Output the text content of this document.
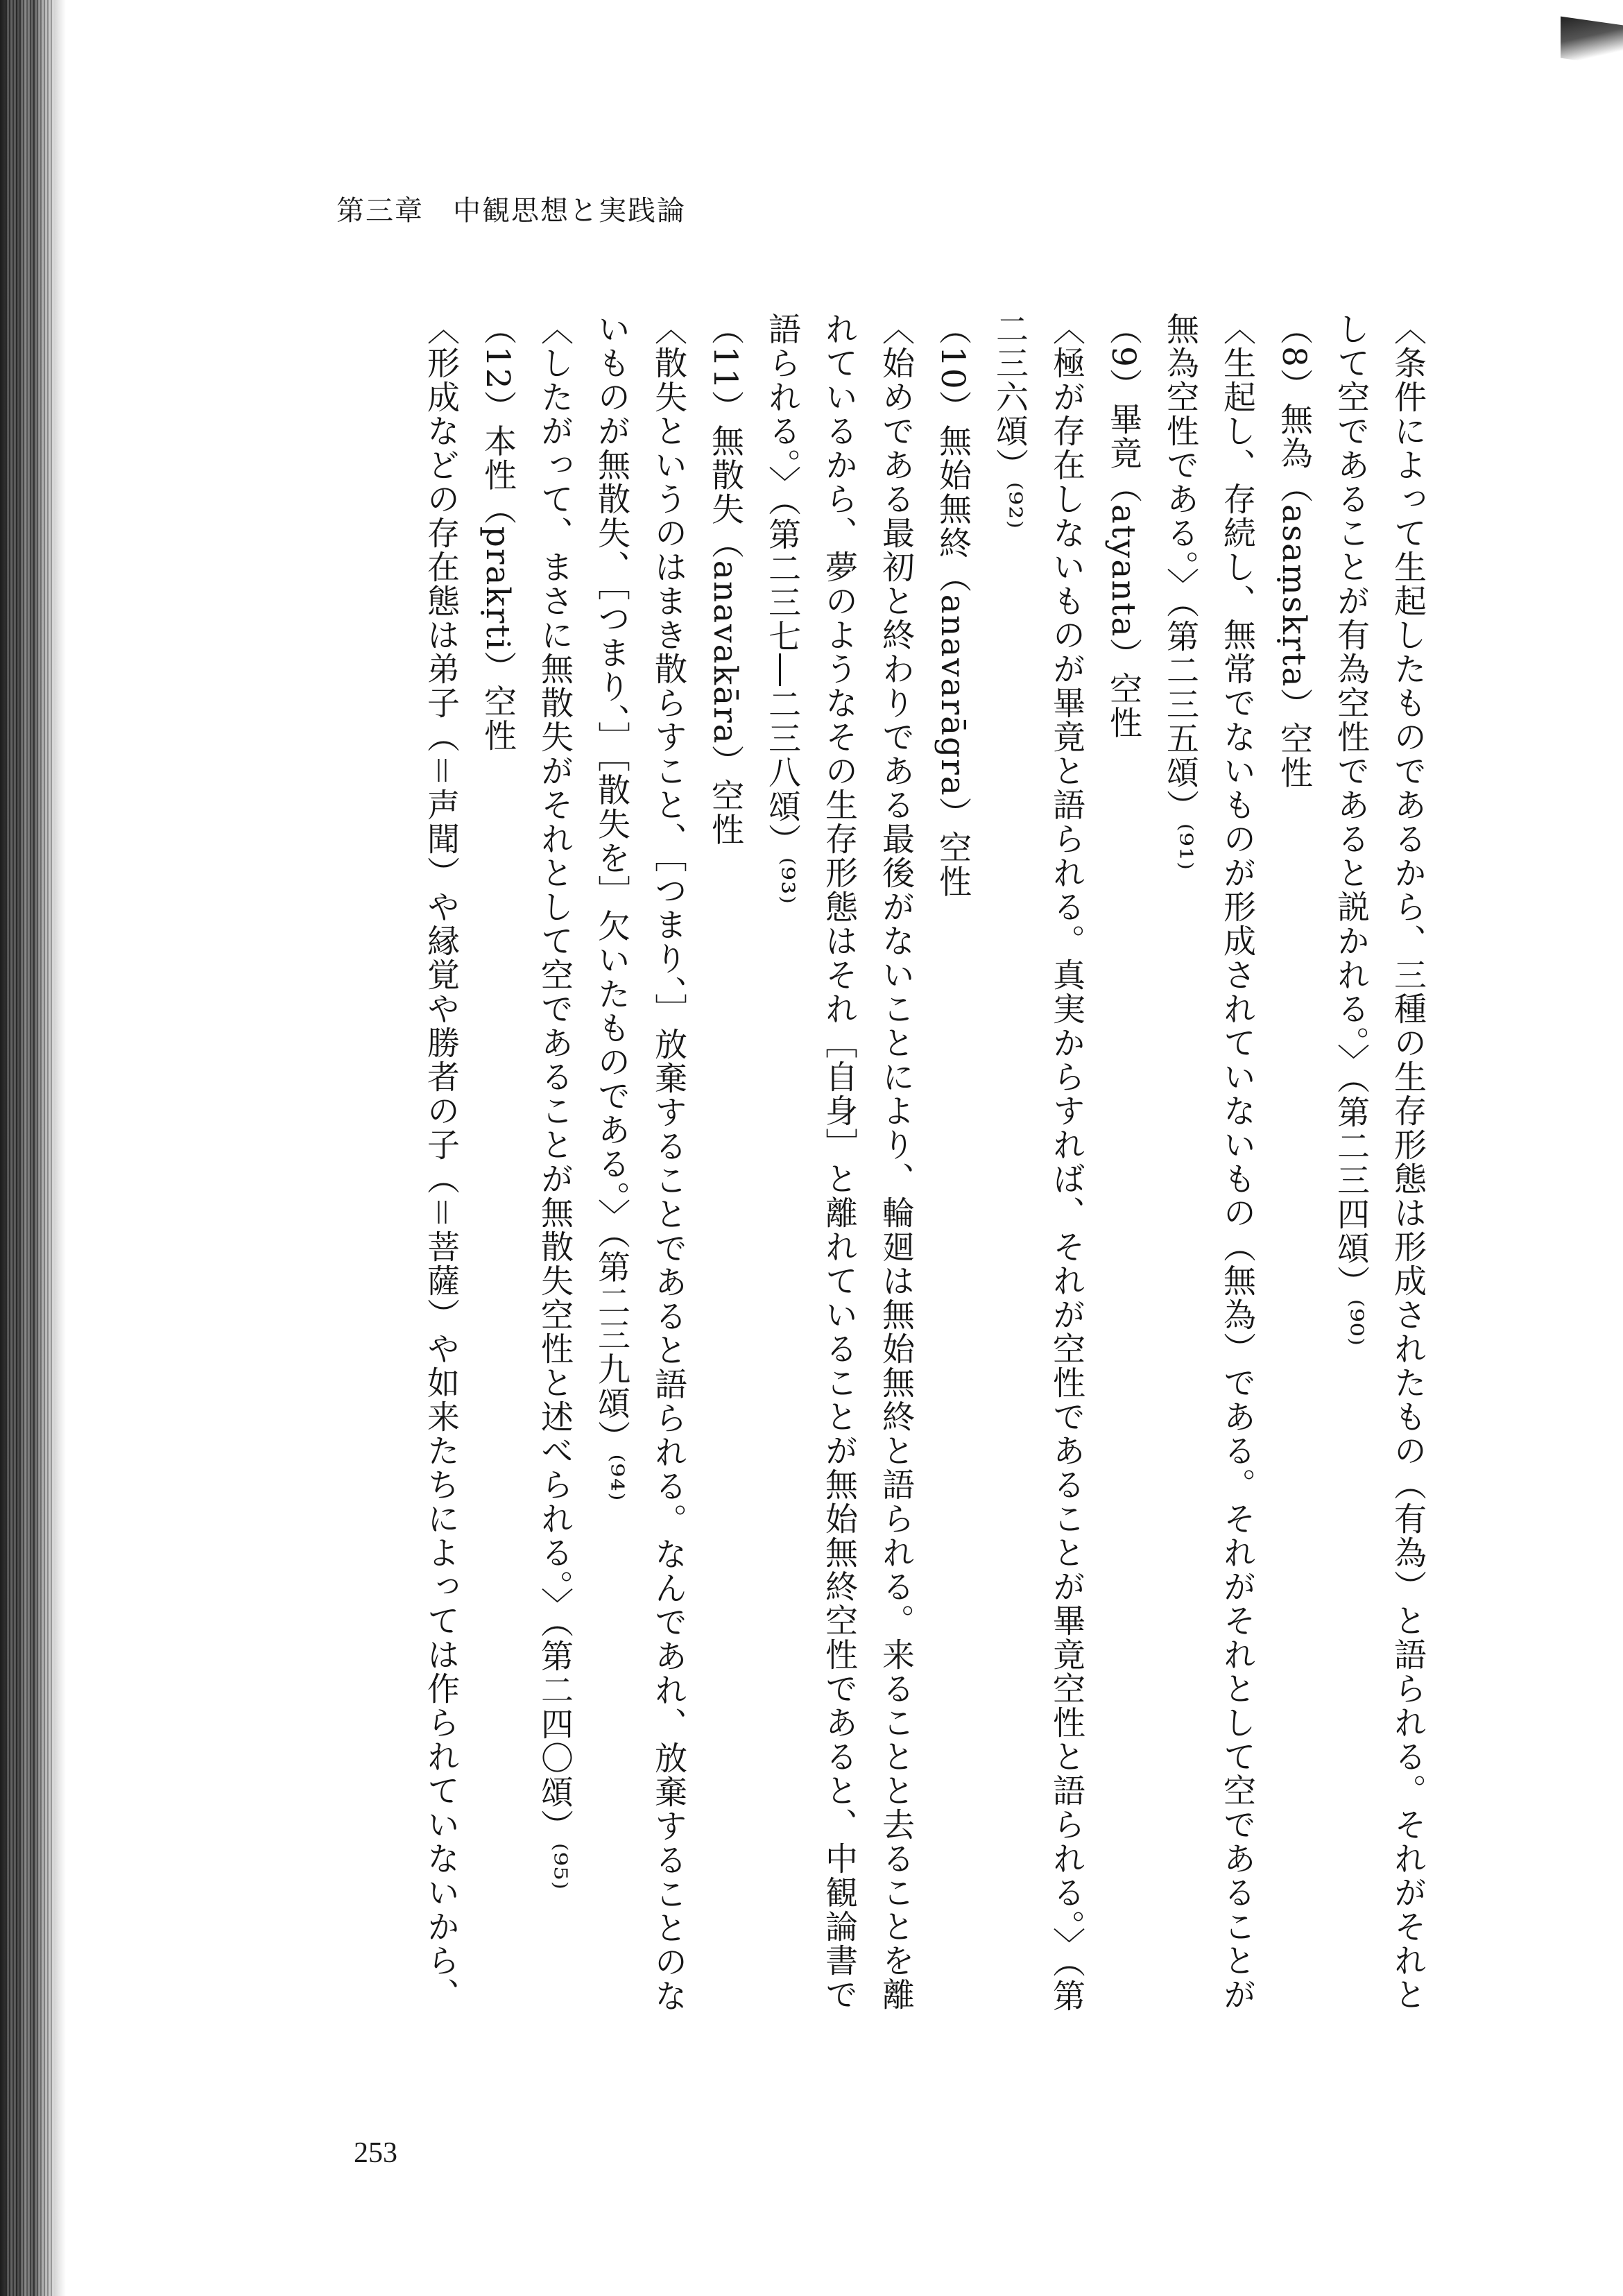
第三章　中観思想と実践論
〈条件によって生起したものであるから、三種の生存形態は形成されたもの（有為）と語られる。それがそれと
して空であることが有為空性であると説かれる。〉（第二三四頌）⁽⁹⁰⁾
（8）無為（asaṃskṛta）空性
〈生起し、存続し、無常でないものが形成されていないもの（無為）である。それがそれとして空であることが
無為空性である。〉（第二三五頌）⁽⁹¹⁾
（9）畢竟（atyanta）空性
〈極が存在しないものが畢竟と語られる。真実からすれば、それが空性であることが畢竟空性と語られる。〉（第
二三六頌）⁽⁹²⁾
（10）無始無終（anavarāgra）空性
〈始めである最初と終わりである最後がないことにより、輪廻は無始無終と語られる。来ることと去ることを離
れているから、夢のようなその生存形態はそれ［自身］と離れていることが無始無終空性であると、中観論書で
語られる。〉（第二三七―二三八頌）⁽⁹³⁾
（11）無散失（anavakāra）空性
〈散失というのはまき散らすこと、［つまり、］放棄することであると語られる。なんであれ、放棄することのな
いものが無散失、［つまり、］［散失を］欠いたものである。〉（第二三九頌）⁽⁹⁴⁾
〈したがって、まさに無散失がそれとして空であることが無散失空性と述べられる。〉（第二四〇頌）⁽⁹⁵⁾
（12）本性（prakṛti）空性
〈形成などの存在態は弟子（＝声聞）や縁覚や勝者の子（＝菩薩）や如来たちによっては作られていないから、
253
